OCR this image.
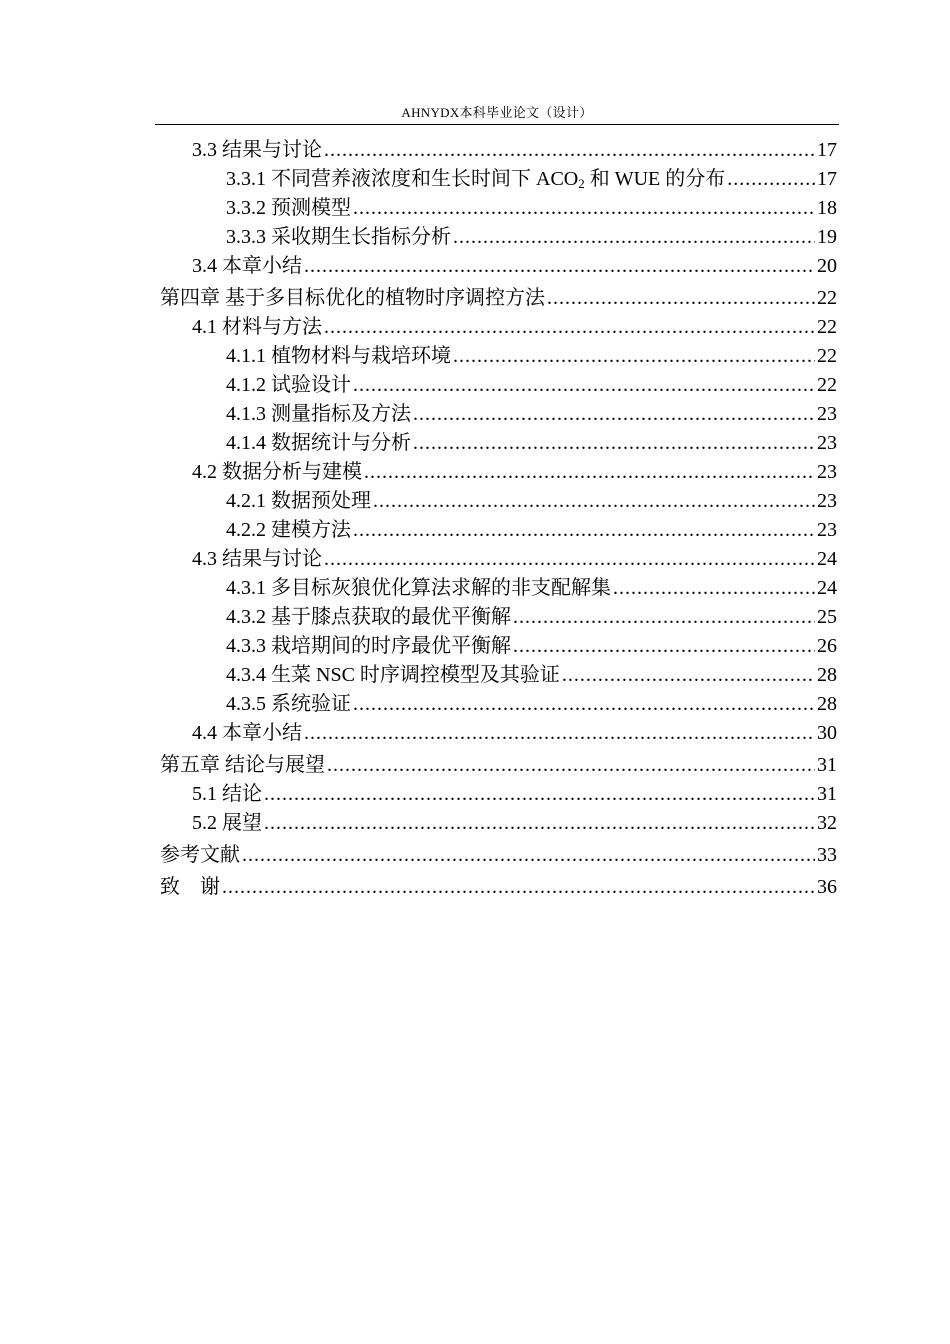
AHNYDX本科毕业论文（设计）
3.3 结果与讨论 .....	17
3.3.1 不同营养液浓度和生长时间下 $ACO_2$ 和 WUE 的分布 .....	17
3.3.2 预测模型 .....	18
3.3.3 采收期生长指标分析 .....	19
3.4 本章小结 .....	20
第四章 基于多目标优化的植物时序调控方法 .....	22
4.1 材料与方法 .....	22
4.1.1 植物材料与栽培环境 .....	22
4.1.2 试验设计 .....	22
4.1.3 测量指标及方法 .....	23
4.1.4 数据统计与分析 .....	23
4.2 数据分析与建模 .....	23
4.2.1 数据预处理 .....	23
4.2.2 建模方法 .....	23
4.3 结果与讨论 .....	24
4.3.1 多目标灰狼优化算法求解的非支配解集 .....	24
4.3.2 基于膝点获取的最优平衡解 .....	25
4.3.3 栽培期间的时序最优平衡解 .....	26
4.3.4 生菜 NSC 时序调控模型及其验证 .....	28
4.3.5 系统验证 .....	28
4.4 本章小结 .....	30
第五章 结论与展望 .....	31
5.1 结论 .....	31
5.2 展望 .....	32
参考文献 .....	33
致    谢 .....	36
